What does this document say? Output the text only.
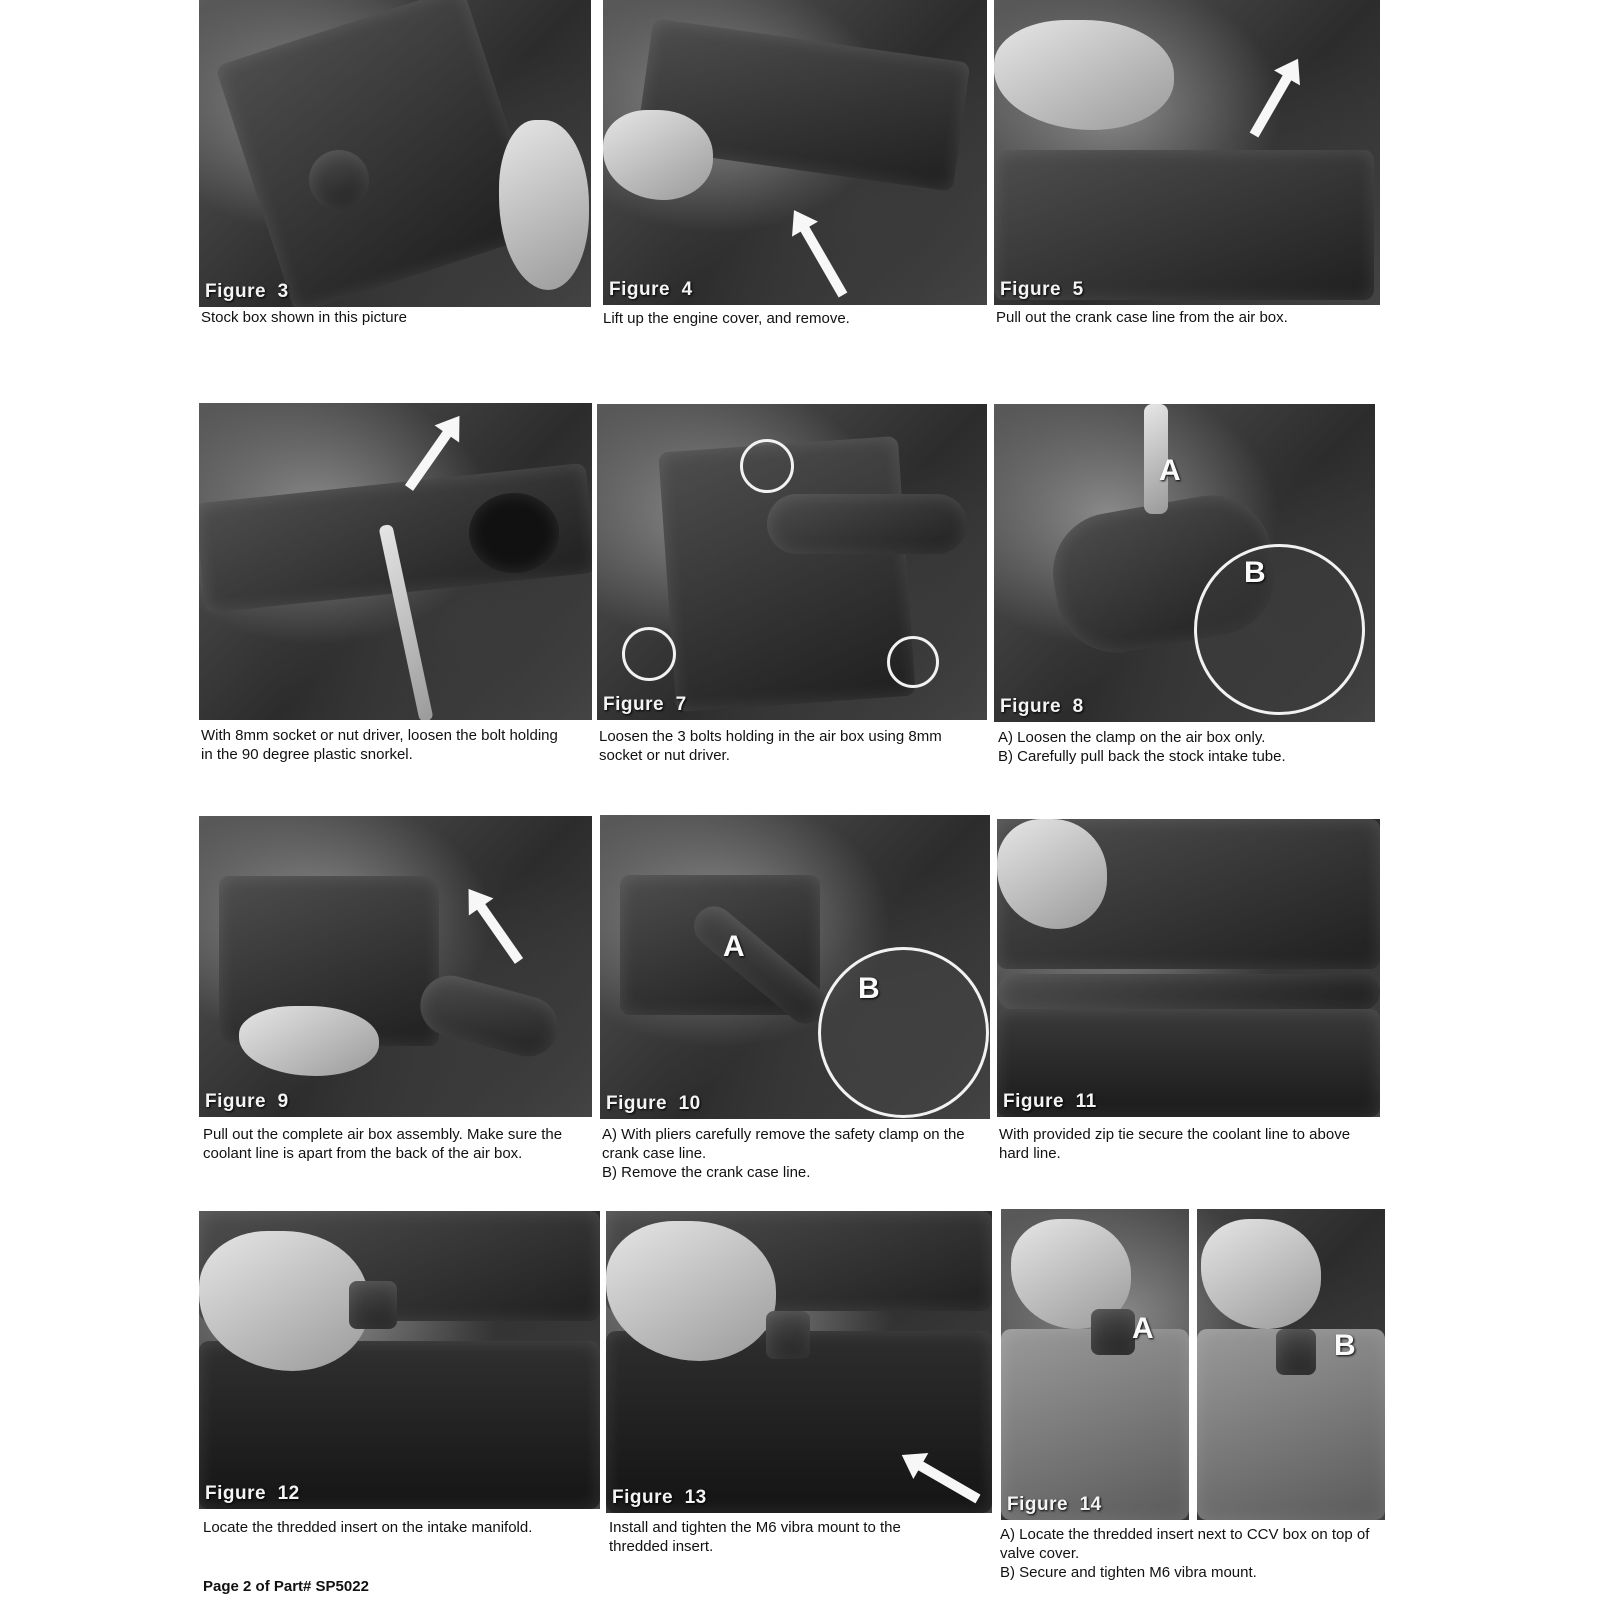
Figure  3
Stock box shown in this picture
Figure  4
Lift up the engine cover, and remove.
Figure  5
Pull out the crank case line from the air box.
With 8mm socket or nut driver, loosen the bolt holding
in the 90 degree plastic snorkel.
Figure  7
Loosen the 3 bolts holding in the air box using 8mm
socket or nut driver.
A
B
Figure  8
A) Loosen the clamp on the air box only.
B) Carefully pull back the stock intake tube.
Figure  9
Pull out the complete air box assembly. Make sure the
coolant line is apart from the back of the air box.
A
B
Figure  10
A) With pliers carefully remove the safety clamp on the
crank case line.
B) Remove the crank case line.
Figure  11
With provided zip tie secure the coolant line to above
hard line.
Figure  12
Locate the thredded insert on the intake manifold.
Figure  13
Install and tighten the M6 vibra mount to the
thredded insert.
A
B
Figure  14
A) Locate the thredded insert next to CCV box on top of
valve cover.
B) Secure and tighten M6 vibra mount.
Page 2 of Part# SP5022
